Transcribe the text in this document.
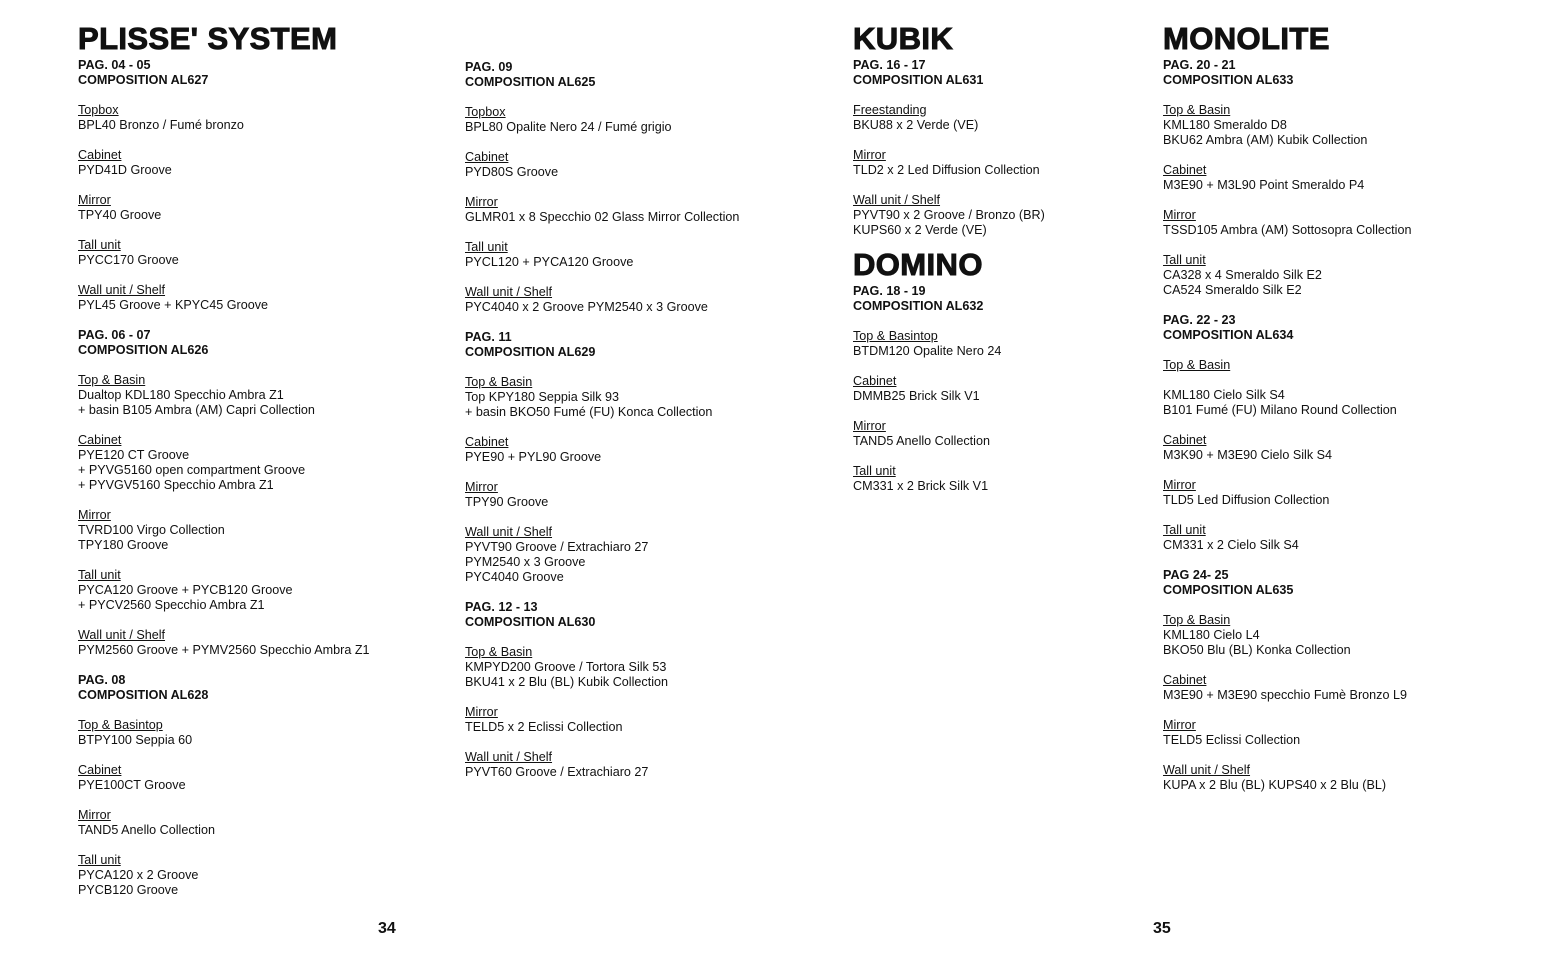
PLISSE' SYSTEM
PAG. 04 - 05
COMPOSITION AL627
Topbox
BPL40 Bronzo / Fumé bronzo
Cabinet
PYD41D Groove
Mirror
TPY40 Groove
Tall unit
PYCC170 Groove
Wall unit / Shelf
PYL45 Groove + KPYC45 Groove
PAG. 06 - 07
COMPOSITION AL626
Top & Basin
Dualtop KDL180 Specchio Ambra Z1
+ basin B105 Ambra (AM) Capri Collection
Cabinet
PYE120 CT Groove
+ PYVG5160 open compartment Groove
+ PYVGV5160 Specchio Ambra Z1
Mirror
TVRD100 Virgo Collection
TPY180 Groove
Tall unit
PYCA120 Groove + PYCB120 Groove
+ PYCV2560 Specchio Ambra Z1
Wall unit / Shelf
PYM2560 Groove + PYMV2560 Specchio Ambra Z1
PAG. 08
COMPOSITION AL628
Top & Basintop
BTPY100 Seppia 60
Cabinet
PYE100CT Groove
Mirror
TAND5 Anello Collection
Tall unit
PYCA120 x 2 Groove
PYCB120 Groove
PAG. 09
COMPOSITION AL625
Topbox
BPL80 Opalite Nero 24 / Fumé grigio
Cabinet
PYD80S Groove
Mirror
GLMR01 x 8 Specchio 02 Glass Mirror Collection
Tall unit
PYCL120 + PYCA120 Groove
Wall unit / Shelf
PYC4040 x 2 Groove PYM2540 x 3 Groove
PAG. 11
COMPOSITION AL629
Top & Basin
Top KPY180 Seppia Silk 93
+ basin BKO50 Fumé (FU) Konca Collection
Cabinet
PYE90 + PYL90 Groove
Mirror
TPY90 Groove
Wall unit / Shelf
PYVT90 Groove / Extrachiaro 27
PYM2540 x 3 Groove
PYC4040 Groove
PAG. 12 - 13
COMPOSITION AL630
Top & Basin
KMPYD200 Groove / Tortora Silk 53
BKU41 x 2 Blu (BL) Kubik Collection
Mirror
TELD5 x 2 Eclissi Collection
Wall unit / Shelf
PYVT60 Groove / Extrachiaro 27
KUBIK
PAG. 16 - 17
COMPOSITION AL631
Freestanding
BKU88 x 2 Verde (VE)
Mirror
TLD2 x 2 Led Diffusion Collection
Wall unit / Shelf
PYVT90 x 2 Groove / Bronzo (BR)
KUPS60 x 2 Verde (VE)
DOMINO
PAG. 18 - 19
COMPOSITION AL632
Top & Basintop
BTDM120 Opalite Nero 24
Cabinet
DMMB25 Brick Silk V1
Mirror
TAND5 Anello Collection
Tall unit
CM331 x 2 Brick Silk V1
MONOLITE
PAG. 20 - 21
COMPOSITION AL633
Top & Basin
KML180 Smeraldo D8
BKU62 Ambra (AM) Kubik Collection
Cabinet
M3E90 + M3L90 Point Smeraldo P4
Mirror
TSSD105 Ambra (AM) Sottosopra Collection
Tall unit
CA328 x 4 Smeraldo Silk E2
CA524 Smeraldo Silk E2
PAG. 22 - 23
COMPOSITION AL634
Top & Basin

KML180 Cielo Silk S4
B101 Fumé (FU) Milano Round Collection
Cabinet
M3K90 + M3E90 Cielo Silk S4
Mirror
TLD5 Led Diffusion Collection
Tall unit
CM331 x 2 Cielo Silk S4
PAG 24- 25
COMPOSITION AL635
Top & Basin
KML180 Cielo L4
BKO50 Blu (BL) Konka Collection
Cabinet
M3E90 + M3E90 specchio Fumè Bronzo L9
Mirror
TELD5 Eclissi Collection
Wall unit / Shelf
KUPA x 2 Blu (BL) KUPS40 x 2 Blu (BL)
34	35
